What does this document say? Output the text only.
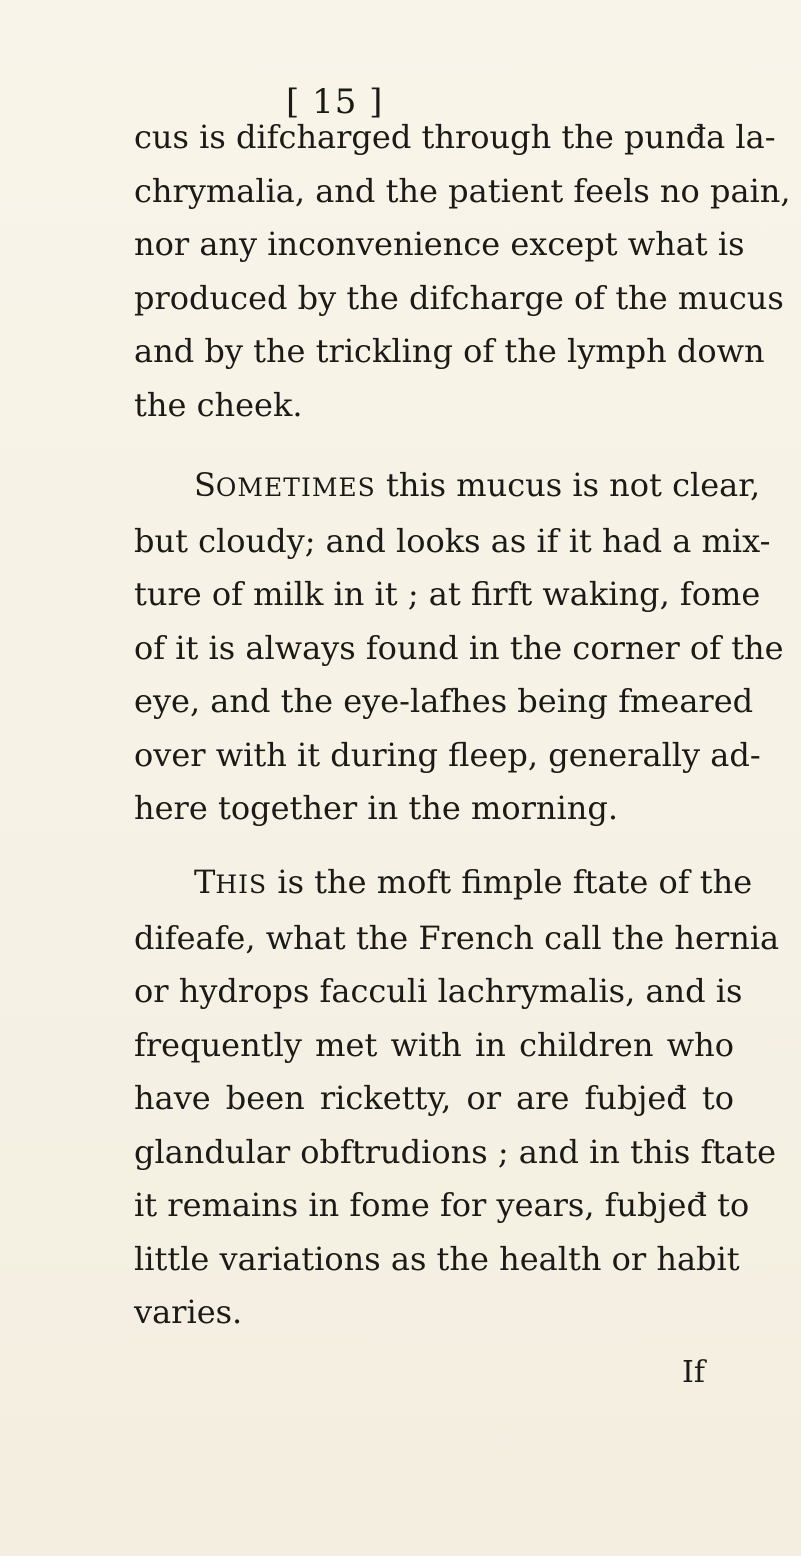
[ 15 ]
cus is difcharged through the punđa la-
chrymalia, and the patient feels no pain,
nor any inconvenience except what is
produced by the difcharge of the mucus
and by the trickling of the lymph down
the cheek.
SOMETIMES this mucus is not clear,
but cloudy; and looks as if it had a mix-
ture of milk in it ; at firft waking, fome
of it is always found in the corner of the
eye, and the eye-lafhes being fmeared
over with it during fleep, generally ad-
here together in the morning.
THIS is the moft fimple ftate of the
difeafe, what the French call the hernia
or hydrops facculi lachrymalis, and is
frequently met with in children who
have been ricketty, or are fubjeđ to
glandular obftrudions ; and in this ftate
it remains in fome for years, fubjeđ to
little variations as the health or habit
varies.
If
